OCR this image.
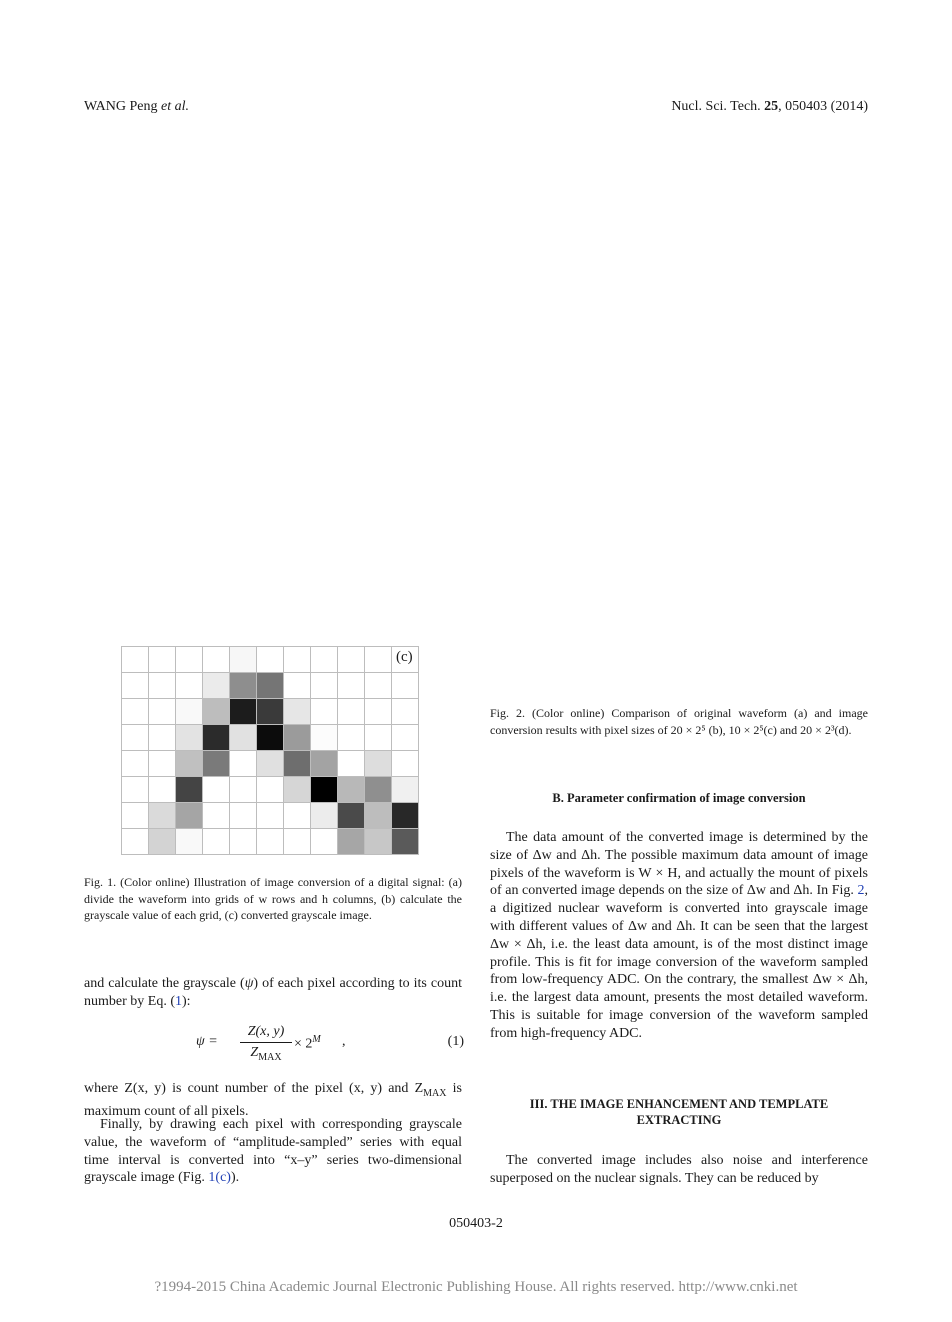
WANG Peng et al.	Nucl. Sci. Tech. 25, 050403 (2014)
(c)
Fig. 1. (Color online) Illustration of image conversion of a digital signal: (a) divide the waveform into grids of w rows and h columns, (b) calculate the grayscale value of each grid, (c) converted grayscale image.
and calculate the grayscale (ψ) of each pixel according to its count number by Eq. (1):
ψ =
Z(x, y)
$Z_{MAX}$
× $2^M$ ,	(1)
where Z(x, y) is count number of the pixel (x, y) and $Z_{MAX}$ is maximum count of all pixels.
Finally, by drawing each pixel with corresponding grayscale value, the waveform of “amplitude-sampled” series with equal time interval is converted into “x–y” series two-dimensional grayscale image (Fig. 1(c)).
Fig. 2. (Color online) Comparison of original waveform (a) and image conversion results with pixel sizes of 20 × 2⁵ (b), 10 × 2⁵(c) and 20 × 2³(d).
B. Parameter confirmation of image conversion
The data amount of the converted image is determined by the size of Δw and Δh. The possible maximum data amount of image pixels of the waveform is W × H, and actually the mount of pixels of an converted image depends on the size of Δw and Δh. In Fig. 2, a digitized nuclear waveform is converted into grayscale image with different values of Δw and Δh. It can be seen that the largest Δw × Δh, i.e. the least data amount, is of the most distinct image profile. This is fit for image conversion of the waveform sampled from low-frequency ADC. On the contrary, the smallest Δw × Δh, i.e. the largest data amount, presents the most detailed waveform. This is suitable for image conversion of the waveform sampled from high-frequency ADC.
III. THE IMAGE ENHANCEMENT AND TEMPLATE
EXTRACTING
The converted image includes also noise and interference superposed on the nuclear signals. They can be reduced by
050403-2
?1994-2015 China Academic Journal Electronic Publishing House. All rights reserved. http://www.cnki.net
